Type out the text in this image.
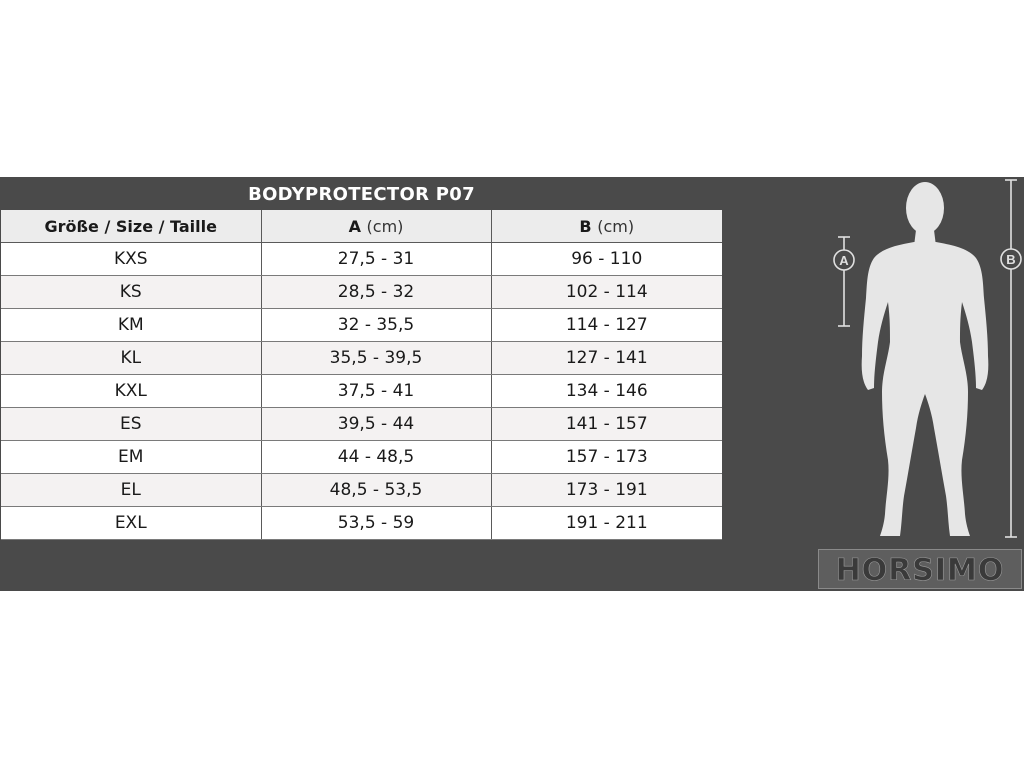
BODYPROTECTOR P07		
Größe / Size / Taille	A (cm)	B (cm)
KXS	27,5 - 31	96 - 110
KS	28,5 - 32	102 - 114
KM	32 - 35,5	114 - 127
KL	35,5 - 39,5	127 - 141
KXL	37,5 - 41	134 - 146
ES	39,5 - 44	141 - 157
EM	44 - 48,5	157 - 173
EL	48,5 - 53,5	173 - 191
EXL	53,5 - 59	191 - 211
B
A
HORSIMO
